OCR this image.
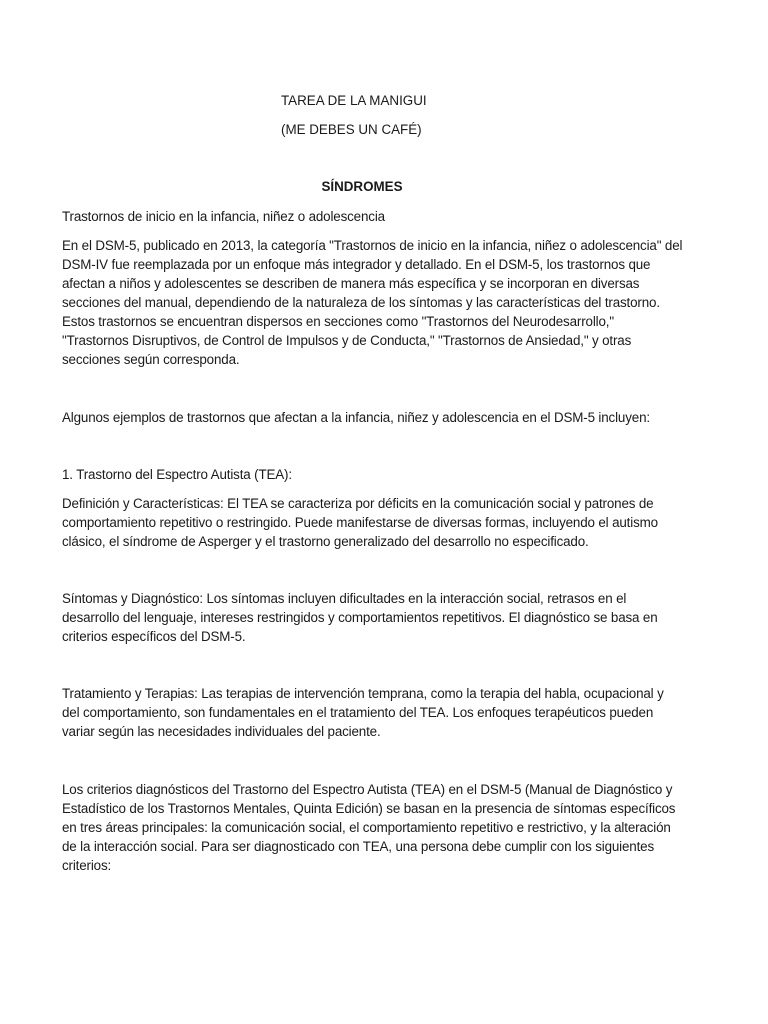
TAREA DE LA MANIGUI

(ME DEBES UN CAFÉ)

SÍNDROMES

Trastornos de inicio en la infancia, niñez o adolescencia

En el DSM-5, publicado en 2013, la categoría "Trastornos de inicio en la infancia, niñez o adolescencia" del

DSM-IV fue reemplazada por un enfoque más integrador y detallado. En el DSM-5, los trastornos que

afectan a niños y adolescentes se describen de manera más específica y se incorporan en diversas

secciones del manual, dependiendo de la naturaleza de los síntomas y las características del trastorno.

Estos trastornos se encuentran dispersos en secciones como "Trastornos del Neurodesarrollo,"

"Trastornos Disruptivos, de Control de Impulsos y de Conducta," "Trastornos de Ansiedad," y otras

secciones según corresponda.

Algunos ejemplos de trastornos que afectan a la infancia, niñez y adolescencia en el DSM-5 incluyen:

1. Trastorno del Espectro Autista (TEA):

Definición y Características: El TEA se caracteriza por déficits en la comunicación social y patrones de

comportamiento repetitivo o restringido. Puede manifestarse de diversas formas, incluyendo el autismo

clásico, el síndrome de Asperger y el trastorno generalizado del desarrollo no especificado.

Síntomas y Diagnóstico: Los síntomas incluyen dificultades en la interacción social, retrasos en el

desarrollo del lenguaje, intereses restringidos y comportamientos repetitivos. El diagnóstico se basa en

criterios específicos del DSM-5.

Tratamiento y Terapias: Las terapias de intervención temprana, como la terapia del habla, ocupacional y

del comportamiento, son fundamentales en el tratamiento del TEA. Los enfoques terapéuticos pueden

variar según las necesidades individuales del paciente.

Los criterios diagnósticos del Trastorno del Espectro Autista (TEA) en el DSM-5 (Manual de Diagnóstico y

Estadístico de los Trastornos Mentales, Quinta Edición) se basan en la presencia de síntomas específicos

en tres áreas principales: la comunicación social, el comportamiento repetitivo e restrictivo, y la alteración

de la interacción social. Para ser diagnosticado con TEA, una persona debe cumplir con los siguientes

criterios:
